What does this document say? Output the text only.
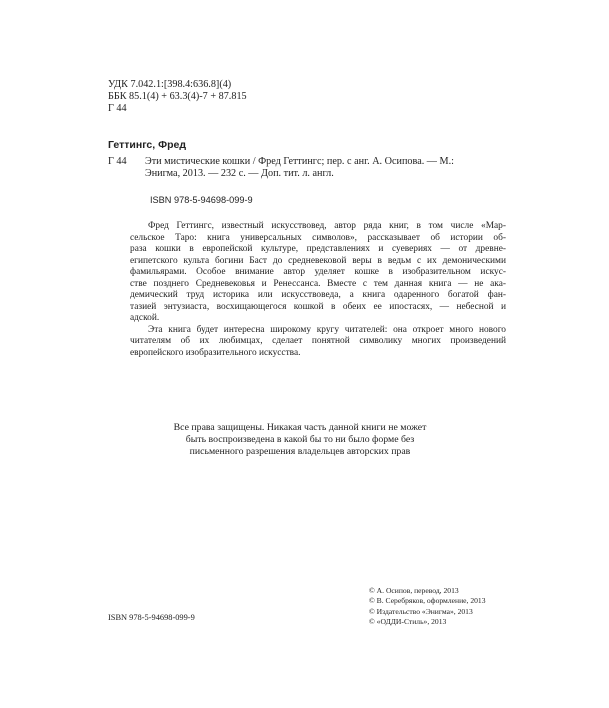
УДК 7.042.1:[398.4:636.8](4)
ББК 85.1(4) + 63.3(4)-7 + 87.815
Г 44
Геттингс, Фред
Г 44 Эти мистические кошки / Фред Геттингс; пер. с анг. А. Осипова. — М.:
Энигма, 2013. — 232 с. — Доп. тит. л. англ.
ISBN 978-5-94698-099-9
Фред Геттингс, известный искусствовед, автор ряда книг, в том числе «Мар-
сельское Таро: книга универсальных символов», рассказывает об истории об-
раза кошки в европейской культуре, представлениях и суевериях — от древне-
египетского культа богини Баст до средневековой веры в ведьм с их демоническими
фамильярами. Особое внимание автор уделяет кошке в изобразительном искус-
стве позднего Средневековья и Ренессанса. Вместе с тем данная книга — не ака-
демический труд историка или искусствоведа, а книга одаренного богатой фан-
тазией энтузиаста, восхищающегося кошкой в обеих ее ипостасях, — небесной и
адской.
Эта книга будет интересна широкому кругу читателей: она откроет много нового
читателям об их любимцах, сделает понятной символику многих произведений
европейского изобразительного искусства.
Все права защищены. Никакая часть данной книги не может
быть воспроизведена в какой бы то ни было форме без
письменного разрешения владельцев авторских прав
ISBN 978-5-94698-099-9
© А. Осипов, перевод, 2013
© В. Серебряков, оформление, 2013
© Издательство «Энигма», 2013
© «ОДДИ-Стиль», 2013
